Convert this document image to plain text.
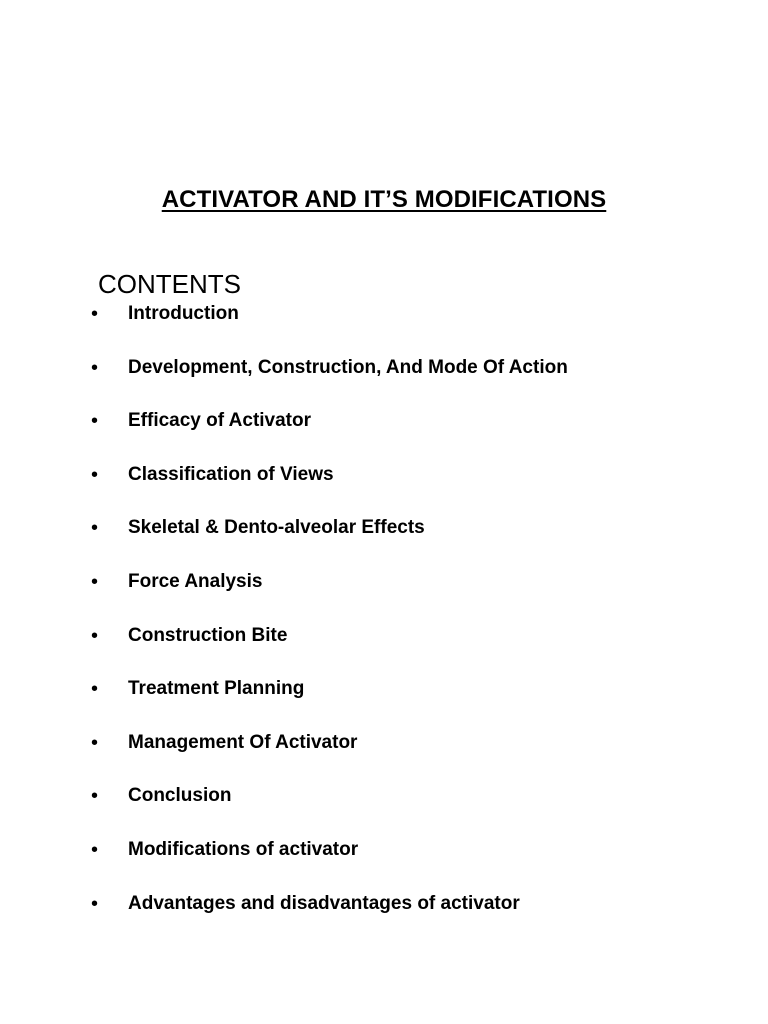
ACTIVATOR AND IT’S MODIFICATIONS
CONTENTS
• Introduction
• Development, Construction, And Mode Of Action
• Efficacy of Activator
• Classification of Views
• Skeletal & Dento-alveolar Effects
• Force Analysis
• Construction Bite
• Treatment Planning
• Management Of Activator
• Conclusion
• Modifications of activator
• Advantages and disadvantages of activator
